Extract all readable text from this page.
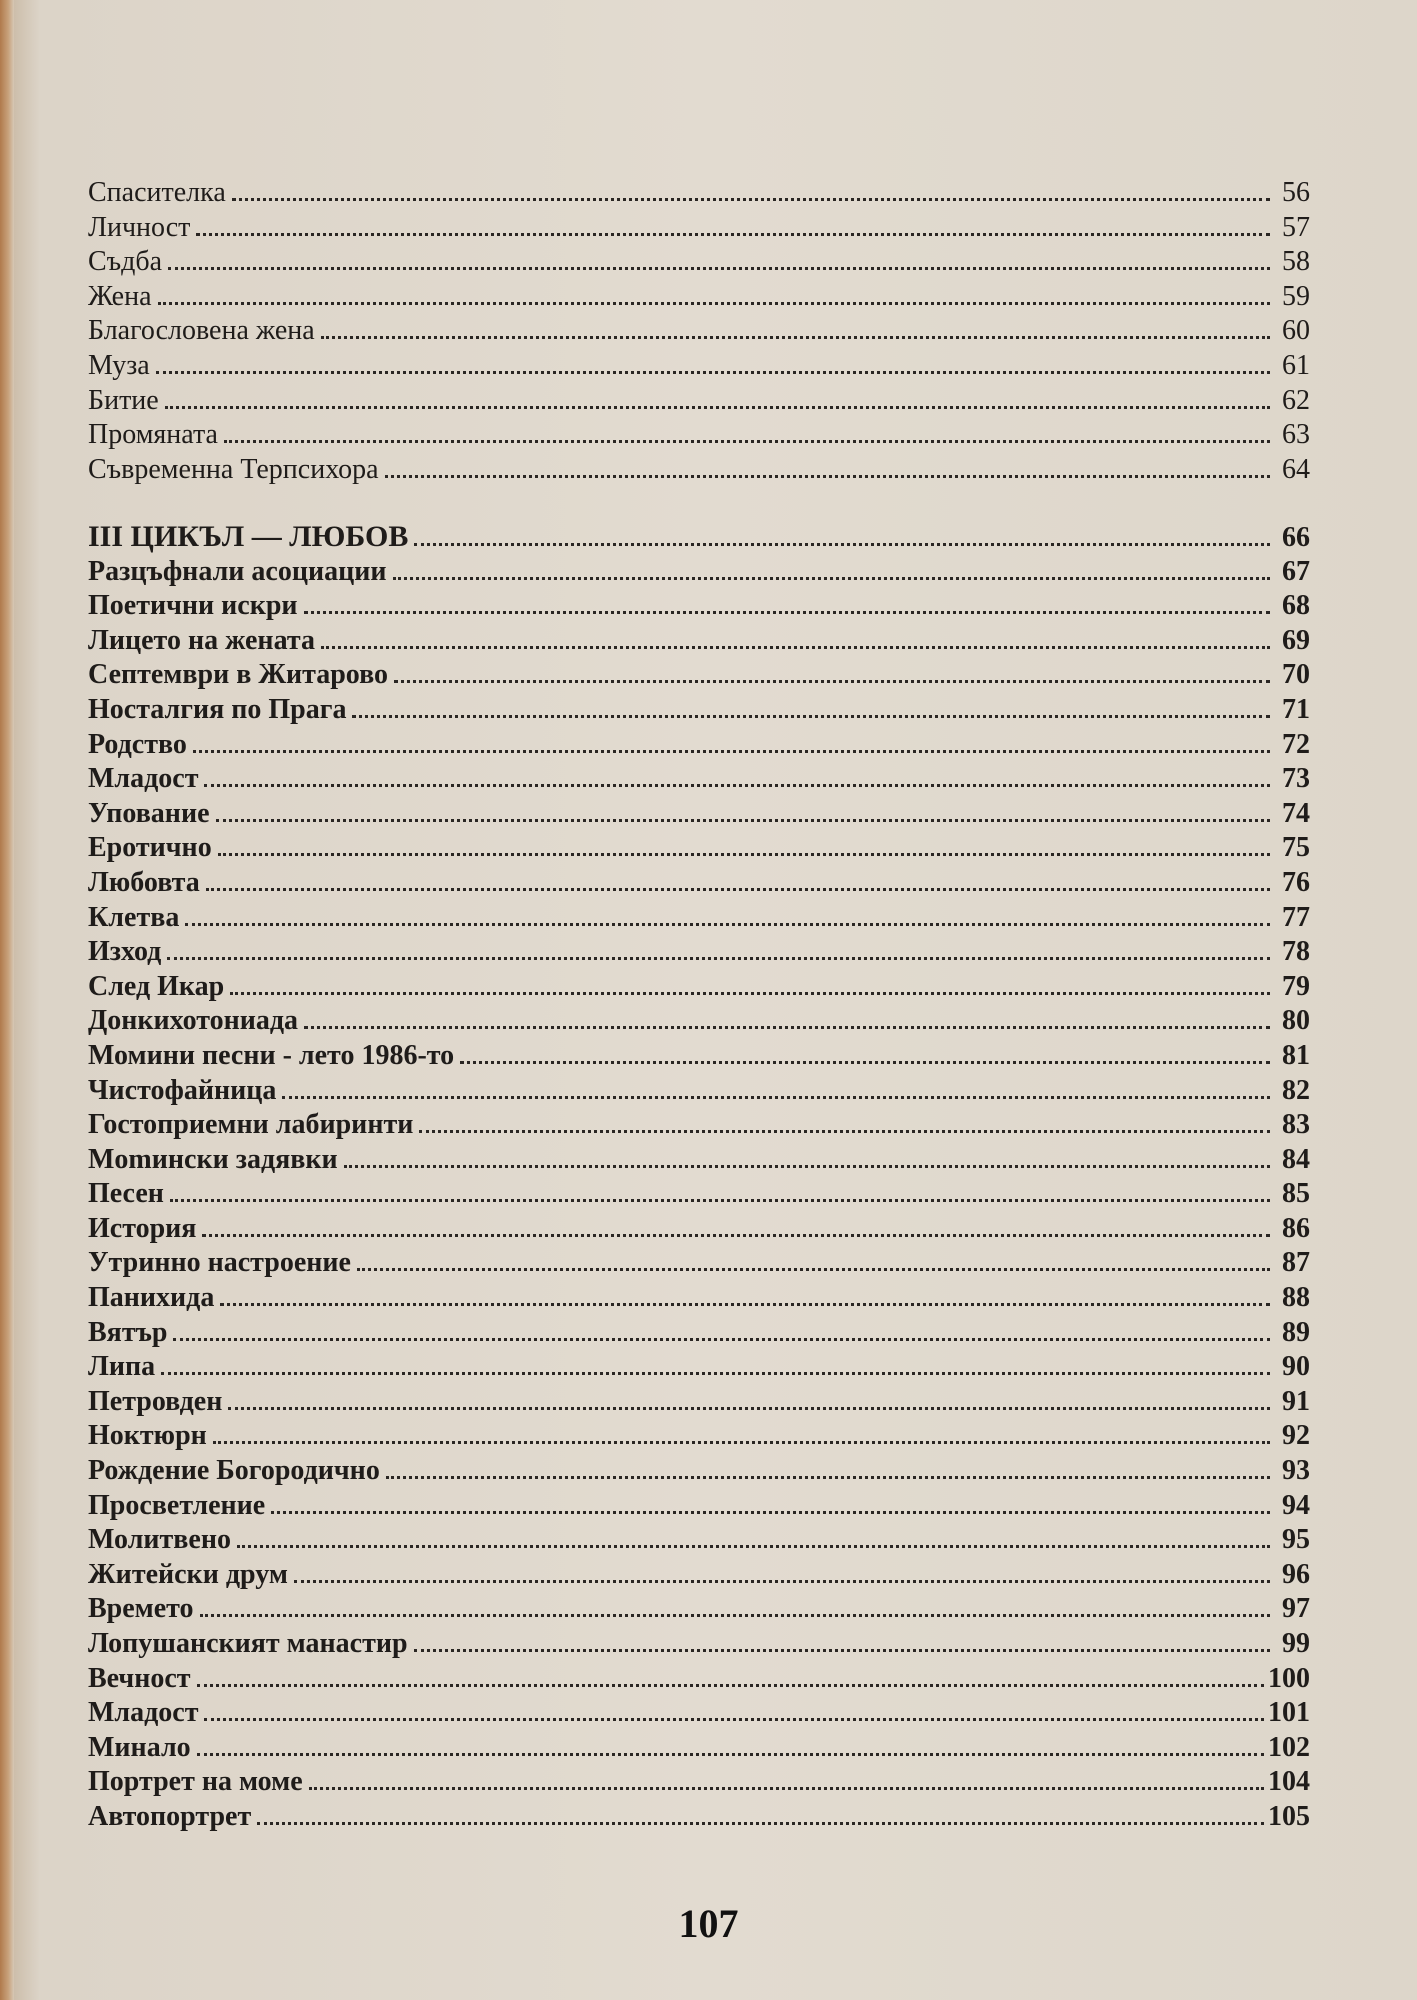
Спасителка	56
Личност	57
Съдба	58
Жена	59
Благословена жена	60
Муза	61
Битие	62
Промяната	63
Съвременна Терпсихора	64
III ЦИКЪЛ — ЛЮБОВ	66
Разцъфнали асоциации	67
Поетични искри	68
Лицето на жената	69
Септември в Житарово	70
Носталгия по Прага	71
Родство	72
Младост	73
Упование	74
Еротично	75
Любовта	76
Клетва	77
Изход	78
След Икар	79
Донкихотониада	80
Момини песни - лето 1986-то	81
Чистофайница	82
Гостоприемни лабиринти	83
Momински задявки	84
Песен	85
История	86
Утринно настроение	87
Панихида	88
Вятър	89
Липа	90
Петровден	91
Ноктюрн	92
Рождение Богородично	93
Просветление	94
Молитвено	95
Житейски друм	96
Времето	97
Лопушанският манастир	99
Вечност	100
Младост	101
Минало	102
Портрет на моме	104
Автопортрет	105
107
